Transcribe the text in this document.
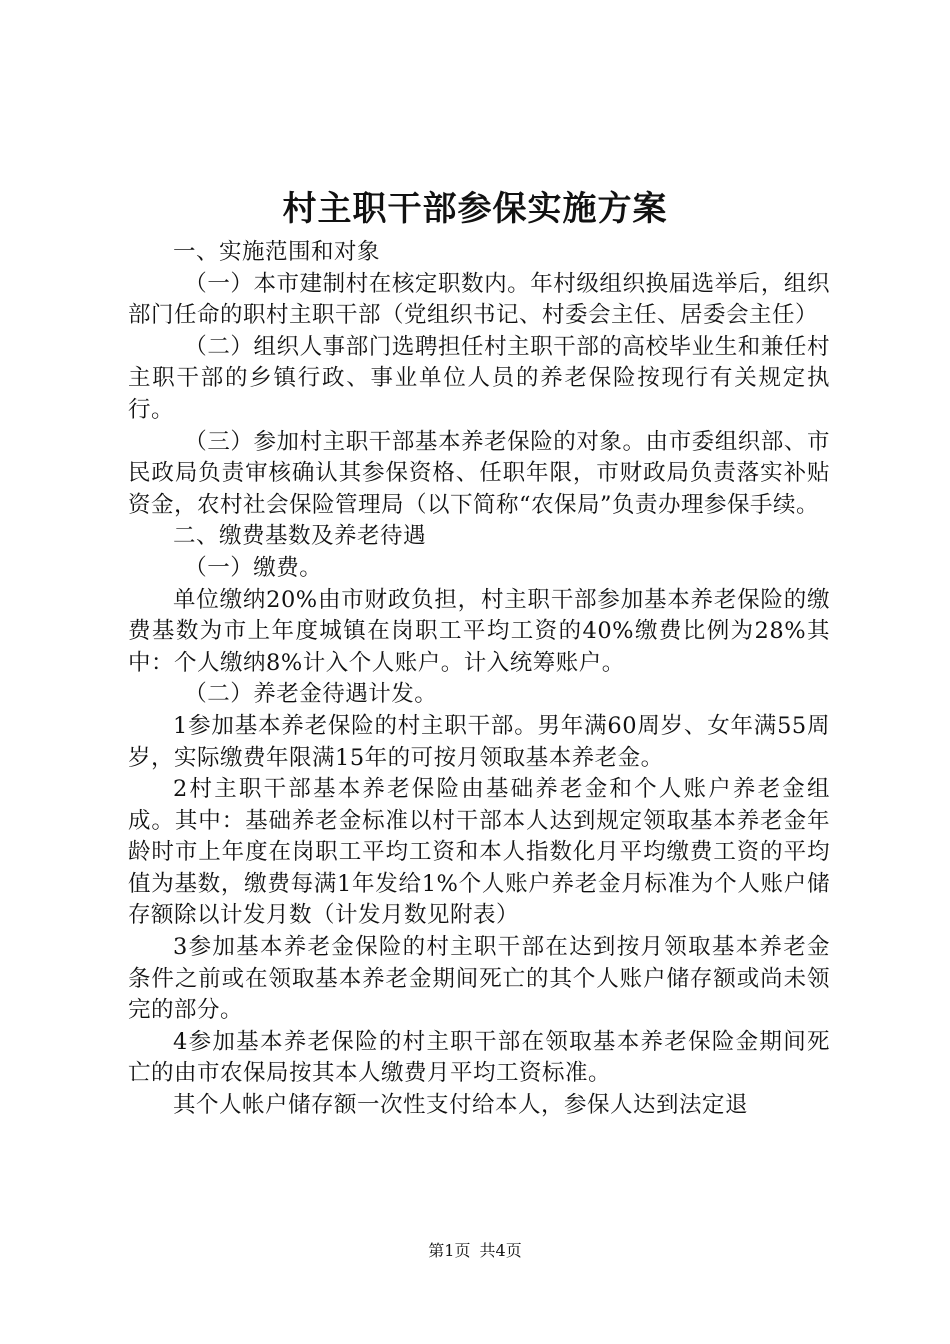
村主职干部参保实施方案

一、实施范围和对象

（一）本市建制村在核定职数内。年村级组织换届选举后，组织部门任命的职村主职干部（党组织书记、村委会主任、居委会主任）

（二）组织人事部门选聘担任村主职干部的高校毕业生和兼任村主职干部的乡镇行政、事业单位人员的养老保险按现行有关规定执行。

（三）参加村主职干部基本养老保险的对象。由市委组织部、市民政局负责审核确认其参保资格、任职年限，市财政局负责落实补贴资金，农村社会保险管理局（以下简称“农保局”负责办理参保手续。

二、缴费基数及养老待遇

（一）缴费。

单位缴纳20%由市财政负担，村主职干部参加基本养老保险的缴费基数为市上年度城镇在岗职工平均工资的40%缴费比例为28%其中：个人缴纳8%计入个人账户。计入统筹账户。

（二）养老金待遇计发。

1参加基本养老保险的村主职干部。男年满60周岁、女年满55周岁，实际缴费年限满15年的可按月领取基本养老金。

2村主职干部基本养老保险由基础养老金和个人账户养老金组成。其中：基础养老金标准以村干部本人达到规定领取基本养老金年龄时市上年度在岗职工平均工资和本人指数化月平均缴费工资的平均值为基数，缴费每满1年发给1%个人账户养老金月标准为个人账户储存额除以计发月数（计发月数见附表）

3参加基本养老金保险的村主职干部在达到按月领取基本养老金条件之前或在领取基本养老金期间死亡的其个人账户储存额或尚未领完的部分。

4参加基本养老保险的村主职干部在领取基本养老保险金期间死亡的由市农保局按其本人缴费月平均工资标准。

其个人帐户储存额一次性支付给本人，参保人达到法定退

第1页 共4页
